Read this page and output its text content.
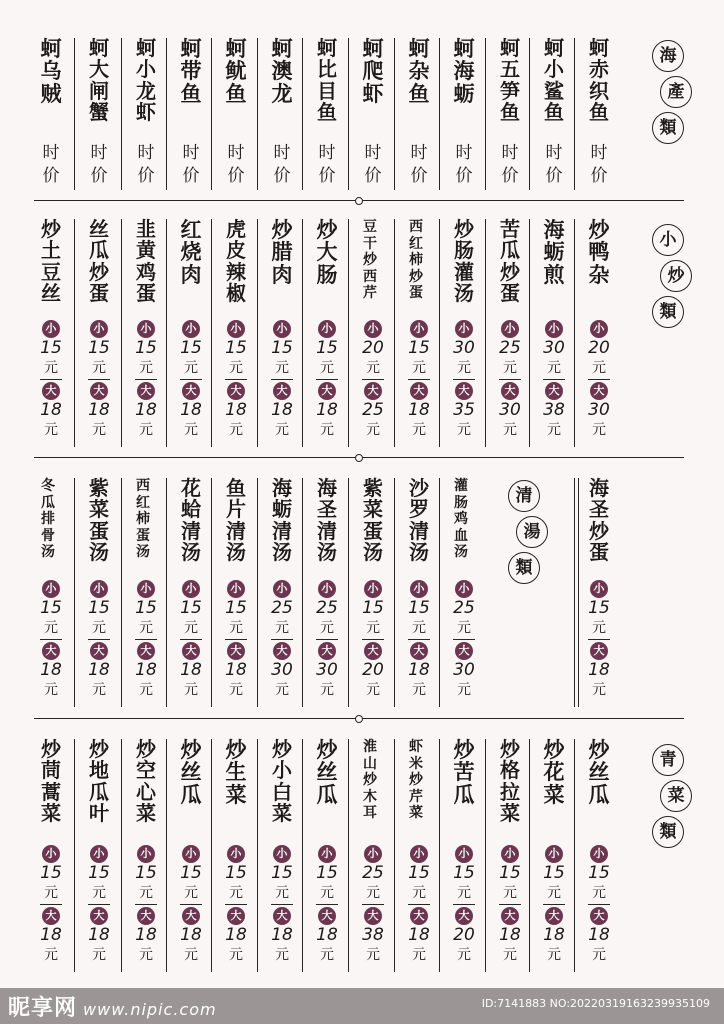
海
產
類
蚵
赤
织
鱼
时
价
蚵
小
鲨
鱼
时
价
蚵
五
笋
鱼
时
价
蚵
海
蛎
时
价
蚵
杂
鱼
时
价
蚵
爬
虾
时
价
蚵
比
目
鱼
时
价
蚵
澳
龙
时
价
蚵
鱿
鱼
时
价
蚵
带
鱼
时
价
蚵
小
龙
虾
时
价
蚵
大
闸
蟹
时
价
蚵
乌
贼
时
价
小
炒
類
炒
鸭
杂
小
20
元
大
30
元
海
蛎
煎
小
30
元
大
38
元
苦
瓜
炒
蛋
小
25
元
大
30
元
炒
肠
灌
汤
小
30
元
大
35
元
西
红
柿
炒
蛋
小
15
元
大
18
元
豆
干
炒
西
芹
小
20
元
大
25
元
炒
大
肠
小
15
元
大
18
元
炒
腊
肉
小
15
元
大
18
元
虎
皮
辣
椒
小
15
元
大
18
元
红
烧
肉
小
15
元
大
18
元
韭
黄
鸡
蛋
小
15
元
大
18
元
丝
瓜
炒
蛋
小
15
元
大
18
元
炒
土
豆
丝
小
15
元
大
18
元
清
湯
類
海
圣
炒
蛋
小
15
元
大
18
元
灌
肠
鸡
血
汤
小
25
元
大
30
元
沙
罗
清
汤
小
15
元
大
18
元
紫
菜
蛋
汤
小
15
元
大
20
元
海
圣
清
汤
小
25
元
大
30
元
海
蛎
清
汤
小
25
元
大
30
元
鱼
片
清
汤
小
15
元
大
18
元
花
蛤
清
汤
小
15
元
大
18
元
西
红
柿
蛋
汤
小
15
元
大
18
元
紫
菜
蛋
汤
小
15
元
大
18
元
冬
瓜
排
骨
汤
小
15
元
大
18
元
青
菜
類
炒
丝
瓜
小
15
元
大
18
元
炒
花
菜
小
15
元
大
18
元
炒
格
拉
菜
小
15
元
大
18
元
炒
苦
瓜
小
15
元
大
20
元
虾
米
炒
芹
菜
小
15
元
大
18
元
淮
山
炒
木
耳
小
25
元
大
38
元
炒
丝
瓜
小
15
元
大
18
元
炒
小
白
菜
小
15
元
大
18
元
炒
生
菜
小
15
元
大
18
元
炒
丝
瓜
小
15
元
大
18
元
炒
空
心
菜
小
15
元
大
18
元
炒
地
瓜
叶
小
15
元
大
18
元
炒
茼
蒿
菜
小
15
元
大
18
元
昵享网 www.nipic.com	ID:7141883 NO:20220319163239935109
